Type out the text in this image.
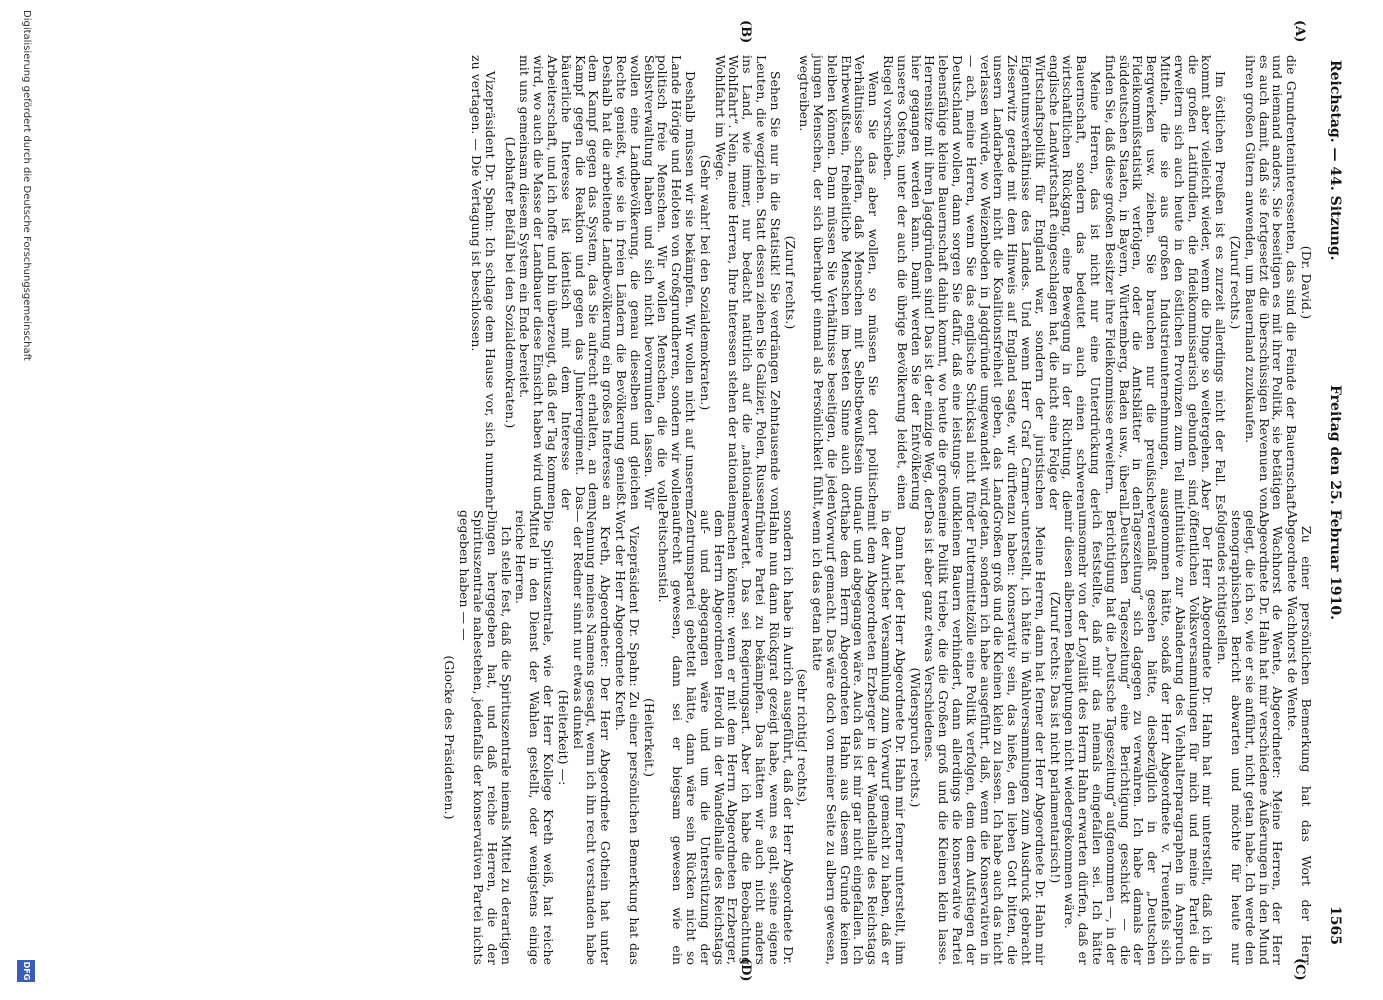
Reichstag. — 44. Sitzung.
Freitag den 25. Februar 1910.
1565
(A)
(B)
(C)
(D)

(Dr. David.)

die Grundrenteninteressenten, das sind die Feinde der Bauernschaft und niemand anders. Sie beseitigen es mit ihrer Politik, sie betätigen es auch damit, daß sie fortgesetzt die überschüssigen Revenuen von ihren großen Gütern anwenden, um Bauernland zuzukaufen.

(Zuruf rechts.)

Im östlichen Preußen ist es zurzeit allerdings nicht der Fall. Es kommt aber vielleicht wieder, wenn die Dinge so weitergehen. Aber die großen Latifundien, die fideikommissarisch gebunden sind, erweitern sich auch heute in den östlichen Provinzen zum Teil mit Mitteln, die sie aus großen Industrieunternehmungen, aus Bergwerken usw. ziehen. Sie brauchen nur die preußische Fideikommißstatistik verfolgen, oder die Amtsblätter in den süddeutschen Staaten, in Bayern, Württemberg, Baden usw., überall finden Sie, daß diese großen Besitzer ihre Fideikommisse erweitern.

Meine Herren, das ist nicht nur eine Unterdrückung der Bauernschaft, sondern das bedeutet auch einen schweren wirtschaftlichen Rückgang, eine Bewegung in der Richtung, die englische Landwirtschaft eingeschlagen hat, die nicht eine Folge der Wirtschaftspolitik für England war, sondern der juristischen Eigentumsverhältnisse des Landes. Und wenn Herr Graf Carmer-Zieserwitz gerade mit dem Hinweis auf England sagte, wir dürften unsern Landarbeitern nicht die Koalitionsfreiheit geben, das Land verlassen würde, wo Weizenboden in Jagdgründe umgewandelt wird, — ach, meine Herren, wenn Sie das englische Schicksal nicht für Deutschland wollen, dann sorgen Sie dafür, daß eine leistungs- und lebensfähige kleine Bauernschaft dahin kommt, wo heute die großen Herrensitze mit ihren Jagdgründen sind! Das ist der einzige Weg, der hier gegangen werden kann. Damit werden Sie der Entvölkerung unseres Ostens, unter der auch die übrige Bevölkerung leidet, einen Riegel vorschieben.

Wenn Sie das aber wollen, so müssen Sie dort politische Verhältnisse schaffen, daß Menschen mit Selbstbewußtsein und Ehrbewußtsein, freiheitliche Menschen im besten Sinne auch dort bleiben können. Dann müssen Sie Verhältnisse beseitigen, die jeden jungen Menschen, der sich überhaupt einmal als Persönlichkeit fühlt, wegtreiben.

(Zuruf rechts.)

Sehen Sie nur in die Statistik! Sie verdrängen Zehntausende von Leuten, die wegziehen. Statt dessen ziehen Sie Galizier, Polen, Russen ins Land, wie immer, nur bedacht natürlich auf die „nationale Wohlfahrt“. Nein, meine Herren, Ihre Interessen stehen der nationalen Wohlfahrt im Wege.

(Sehr wahr! bei den Sozialdemokraten.)

Deshalb müssen wir sie bekämpfen. Wir wollen nicht auf unserem Lande Hörige und Heloten von Großgrundherren, sondern wir wollen politisch freie Menschen. Wir wollen Menschen, die die volle Selbstverwaltung haben und sich nicht bevormunden lassen. Wir wollen eine Landbevölkerung, die genau dieselben und gleichen Rechte genießt, wie sie in freien Ländern die Bevölkerung genießt. Deshalb hat die arbeitende Landbevölkerung ein großes Interesse an dem Kampf gegen das System, das Sie aufrecht erhalten, an dem Kampf gegen die Reaktion und gegen das Junkerregiment. Das bäuerliche Interesse ist identisch mit dem Interesse der Arbeiterschaft, und ich hoffe und bin überzeugt, daß der Tag kommen wird, wo auch die Masse der Landbauer diese Einsicht haben wird und mit uns gemeinsam diesem System ein Ende bereitet.

(Lebhafter Beifall bei den Sozialdemokraten.)

Vizepräsident Dr. Spahn: Ich schlage dem Hause vor, sich nunmehr zu vertagen. — Die Vertagung ist beschlossen.

Zu einer persönlichen Bemerkung hat das Wort der Herr Abgeordnete Wachhorst de Wente.

Wachhorst de Wente, Abgeordneter: Meine Herren, der Herr Abgeordnete Dr. Hahn hat mir verschiedene Äußerungen in den Mund gelegt, die ich so, wie er sie anführt, nicht getan habe. Ich werde den stenographischen Bericht abwarten und möchte für heute nur folgendes richtigstellen.

Der Herr Abgeordnete Dr. Hahn hat mir unterstellt, daß ich in öffentlichen Volksversammlungen für mich und meine Partei die Initiative zur Abänderung des Viehhalterparagraphen in Anspruch genommen hätte, sodaß der Herr Abgeordnete v. Treuenfels sich veranlaßt gesehen hätte, diesbezüglich in der „Deutschen Tageszeitung“ sich dagegen zu verwahren. Ich habe damals der „Deutschen Tageszeitung“ eine Berichtigung geschickt — die Berichtigung hat die „Deutsche Tageszeitung“ aufgenommen —, in der ich feststellte, daß mir das niemals eingefallen sei. Ich hätte umsomehr von der Loyalität des Herrn Hahn erwarten dürfen, daß er mir diesen albernen Behauptungen nicht wiedergekommen wäre.

(Zuruf rechts: Das ist nicht parlamentarisch!)

Meine Herren, dann hat ferner der Herr Abgeordnete Dr. Hahn mir unterstellt, ich hätte in Wahlversammlungen zum Ausdruck gebracht zu haben: konservativ sein, das hieße, den lieben Gott bitten, die Großen groß und die Kleinen klein zu lassen. Ich habe auch das nicht getan, sondern ich habe ausgeführt, daß, wenn die Konservativen in der Futtermittelzölle eine Politik verfolgen, dem dem Aufstiegen der kleinen Bauern verhindert, dann allerdings die konservative Partei eine Politik triebe, die die Großen groß und die Kleinen klein lasse. Das ist aber ganz etwas Verschiedenes.

(Widerspruch rechts.)

Dann hat der Herr Abgeordnete Dr. Hahn mir ferner unterstellt, ihm in der Auricher Versammlung zum Vorwurf gemacht zu haben, daß er mit dem Abgeordneten Erzberger in der Wandelhalle des Reichstags auf- und abgegangen wäre. Auch das ist mir gar nicht eingefallen. Ich habe dem Herrn Abgeordneten Hahn aus diesem Grunde keinen Vorwurf gemacht. Das wäre doch von meiner Seite zu albern gewesen, wenn ich das getan hätte

(sehr richtig! rechts),

sondern ich habe in Aurich ausgeführt, daß der Herr Abgeordnete Dr. Hahn nun dann Rückgrat gezeigt habe, wenn es galt, seine eigene frühere Partei zu bekämpfen. Das hätten wir auch nicht anders erwartet. Das sei Regierungsart. Aber ich habe die Beobachtung machen können: wenn er mit dem Herrn Abgeordneten Erzberger, dem Herrn Abgeordneten Herold in der Wandelhalle des Reichstags auf- und abgegangen wäre und um die Unterstützung der Zentrumspartei gebettelt hätte, dann wäre sein Rücken nicht so aufrecht gewesen, dann sei er biegsam gewesen wie ein Peitschenstiel.

(Heiterkeit.)

Vizepräsident Dr. Spahn: Zu einer persönlichen Bemerkung hat das Wort der Herr Abgeordnete Kreth.

Kreth, Abgeordneter: Der Herr Abgeordnete Gothein hat unter Nennung meines Namens gesagt, wenn ich ihn recht verstanden habe — der Redner sinnt nur etwas dunkel

(Heiterkeit) —:

Die Spirituszentrale, wie der Herr Kollege Kreth weiß, hat reiche Mittel in den Dienst der Wahlen gestellt, oder wenigstens einige reiche Herren.

Ich stelle fest, daß die Spirituszentrale niemals Mittel zu derartigen Dingen hergegeben hat, und daß reiche Herren, die der Spirituszentrale nahestehen, jedenfalls der konservativen Partei nichts gegeben haben — —

(Glocke des Präsidenten.)

Digitalisierung gefördert durch die Deutsche Forschungsgemeinschaft
DFG
